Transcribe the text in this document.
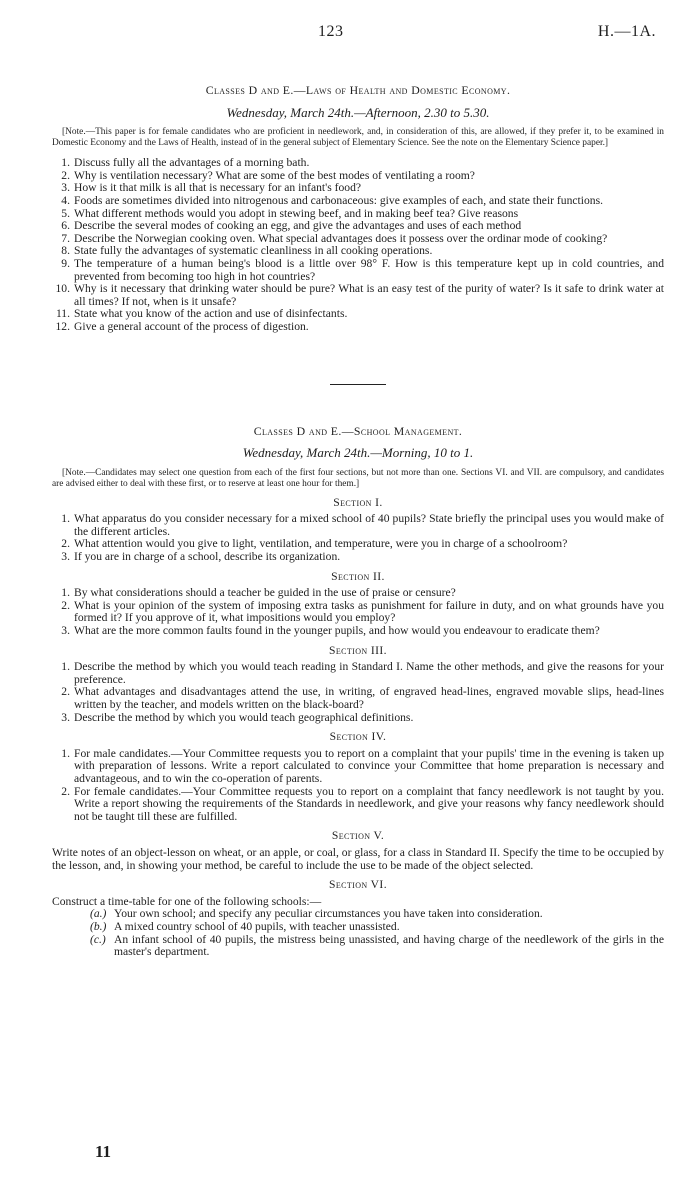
123	H.—1A.
Classes D and E.—Laws of Health and Domestic Economy.
Wednesday, March 24th.—Afternoon, 2.30 to 5.30.
[Note.—This paper is for female candidates who are proficient in needlework, and, in consideration of this, are allowed, if they prefer it, to be examined in Domestic Economy and the Laws of Health, instead of in the general subject of Elementary Science. See the note on the Elementary Science paper.]
1. Discuss fully all the advantages of a morning bath.
2. Why is ventilation necessary? What are some of the best modes of ventilating a room?
3. How is it that milk is all that is necessary for an infant's food?
4. Foods are sometimes divided into nitrogenous and carbonaceous: give examples of each, and state their functions.
5. What different methods would you adopt in stewing beef, and in making beef tea? Give reasons
6. Describe the several modes of cooking an egg, and give the advantages and uses of each method
7. Describe the Norwegian cooking oven. What special advantages does it possess over the ordinar mode of cooking?
8. State fully the advantages of systematic cleanliness in all cooking operations.
9. The temperature of a human being's blood is a little over 98° F. How is this temperature kept up in cold countries, and prevented from becoming too high in hot countries?
10. Why is it necessary that drinking water should be pure? What is an easy test of the purity of water? Is it safe to drink water at all times? If not, when is it unsafe?
11. State what you know of the action and use of disinfectants.
12. Give a general account of the process of digestion.
Classes D and E.—School Management.
Wednesday, March 24th.—Morning, 10 to 1.
[Note.—Candidates may select one question from each of the first four sections, but not more than one. Sections VI. and VII. are compulsory, and candidates are advised either to deal with these first, or to reserve at least one hour for them.]
Section I.
1. What apparatus do you consider necessary for a mixed school of 40 pupils? State briefly the principal uses you would make of the different articles.
2. What attention would you give to light, ventilation, and temperature, were you in charge of a schoolroom?
3. If you are in charge of a school, describe its organization.
Section II.
1. By what considerations should a teacher be guided in the use of praise or censure?
2. What is your opinion of the system of imposing extra tasks as punishment for failure in duty, and on what grounds have you formed it? If you approve of it, what impositions would you employ?
3. What are the more common faults found in the younger pupils, and how would you endeavour to eradicate them?
Section III.
1. Describe the method by which you would teach reading in Standard I. Name the other methods, and give the reasons for your preference.
2. What advantages and disadvantages attend the use, in writing, of engraved head-lines, engraved movable slips, head-lines written by the teacher, and models written on the black-board?
3. Describe the method by which you would teach geographical definitions.
Section IV.
1. For male candidates.—Your Committee requests you to report on a complaint that your pupils' time in the evening is taken up with preparation of lessons. Write a report calculated to convince your Committee that home preparation is necessary and advantageous, and to win the co-operation of parents.
2. For female candidates.—Your Committee requests you to report on a complaint that fancy needlework is not taught by you. Write a report showing the requirements of the Standards in needlework, and give your reasons why fancy needlework should not be taught till these are fulfilled.
Section V.
Write notes of an object-lesson on wheat, or an apple, or coal, or glass, for a class in Standard II. Specify the time to be occupied by the lesson, and, in showing your method, be careful to include the use to be made of the object selected.
Section VI.
Construct a time-table for one of the following schools:—
(a.) Your own school; and specify any peculiar circumstances you have taken into consideration.
(b.) A mixed country school of 40 pupils, with teacher unassisted.
(c.) An infant school of 40 pupils, the mistress being unassisted, and having charge of the needlework of the girls in the master's department.
11
